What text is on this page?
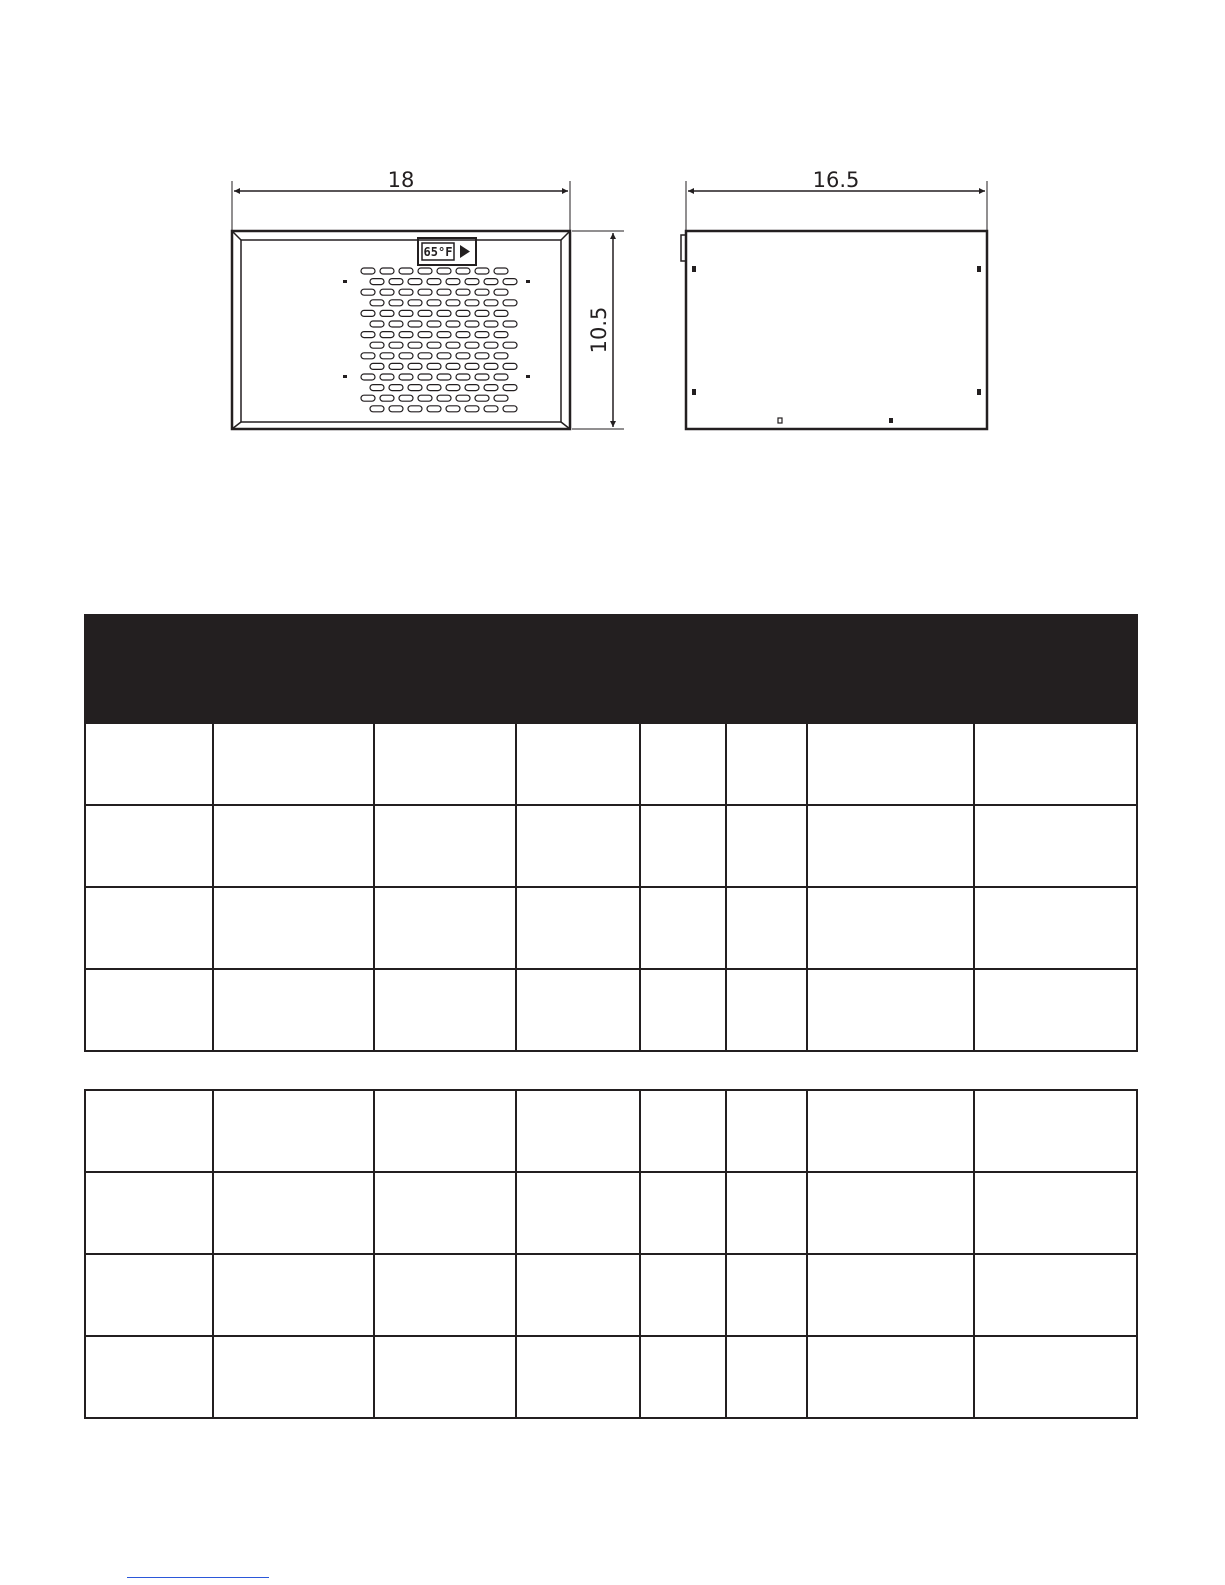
65°F
18
10.5
16.5
